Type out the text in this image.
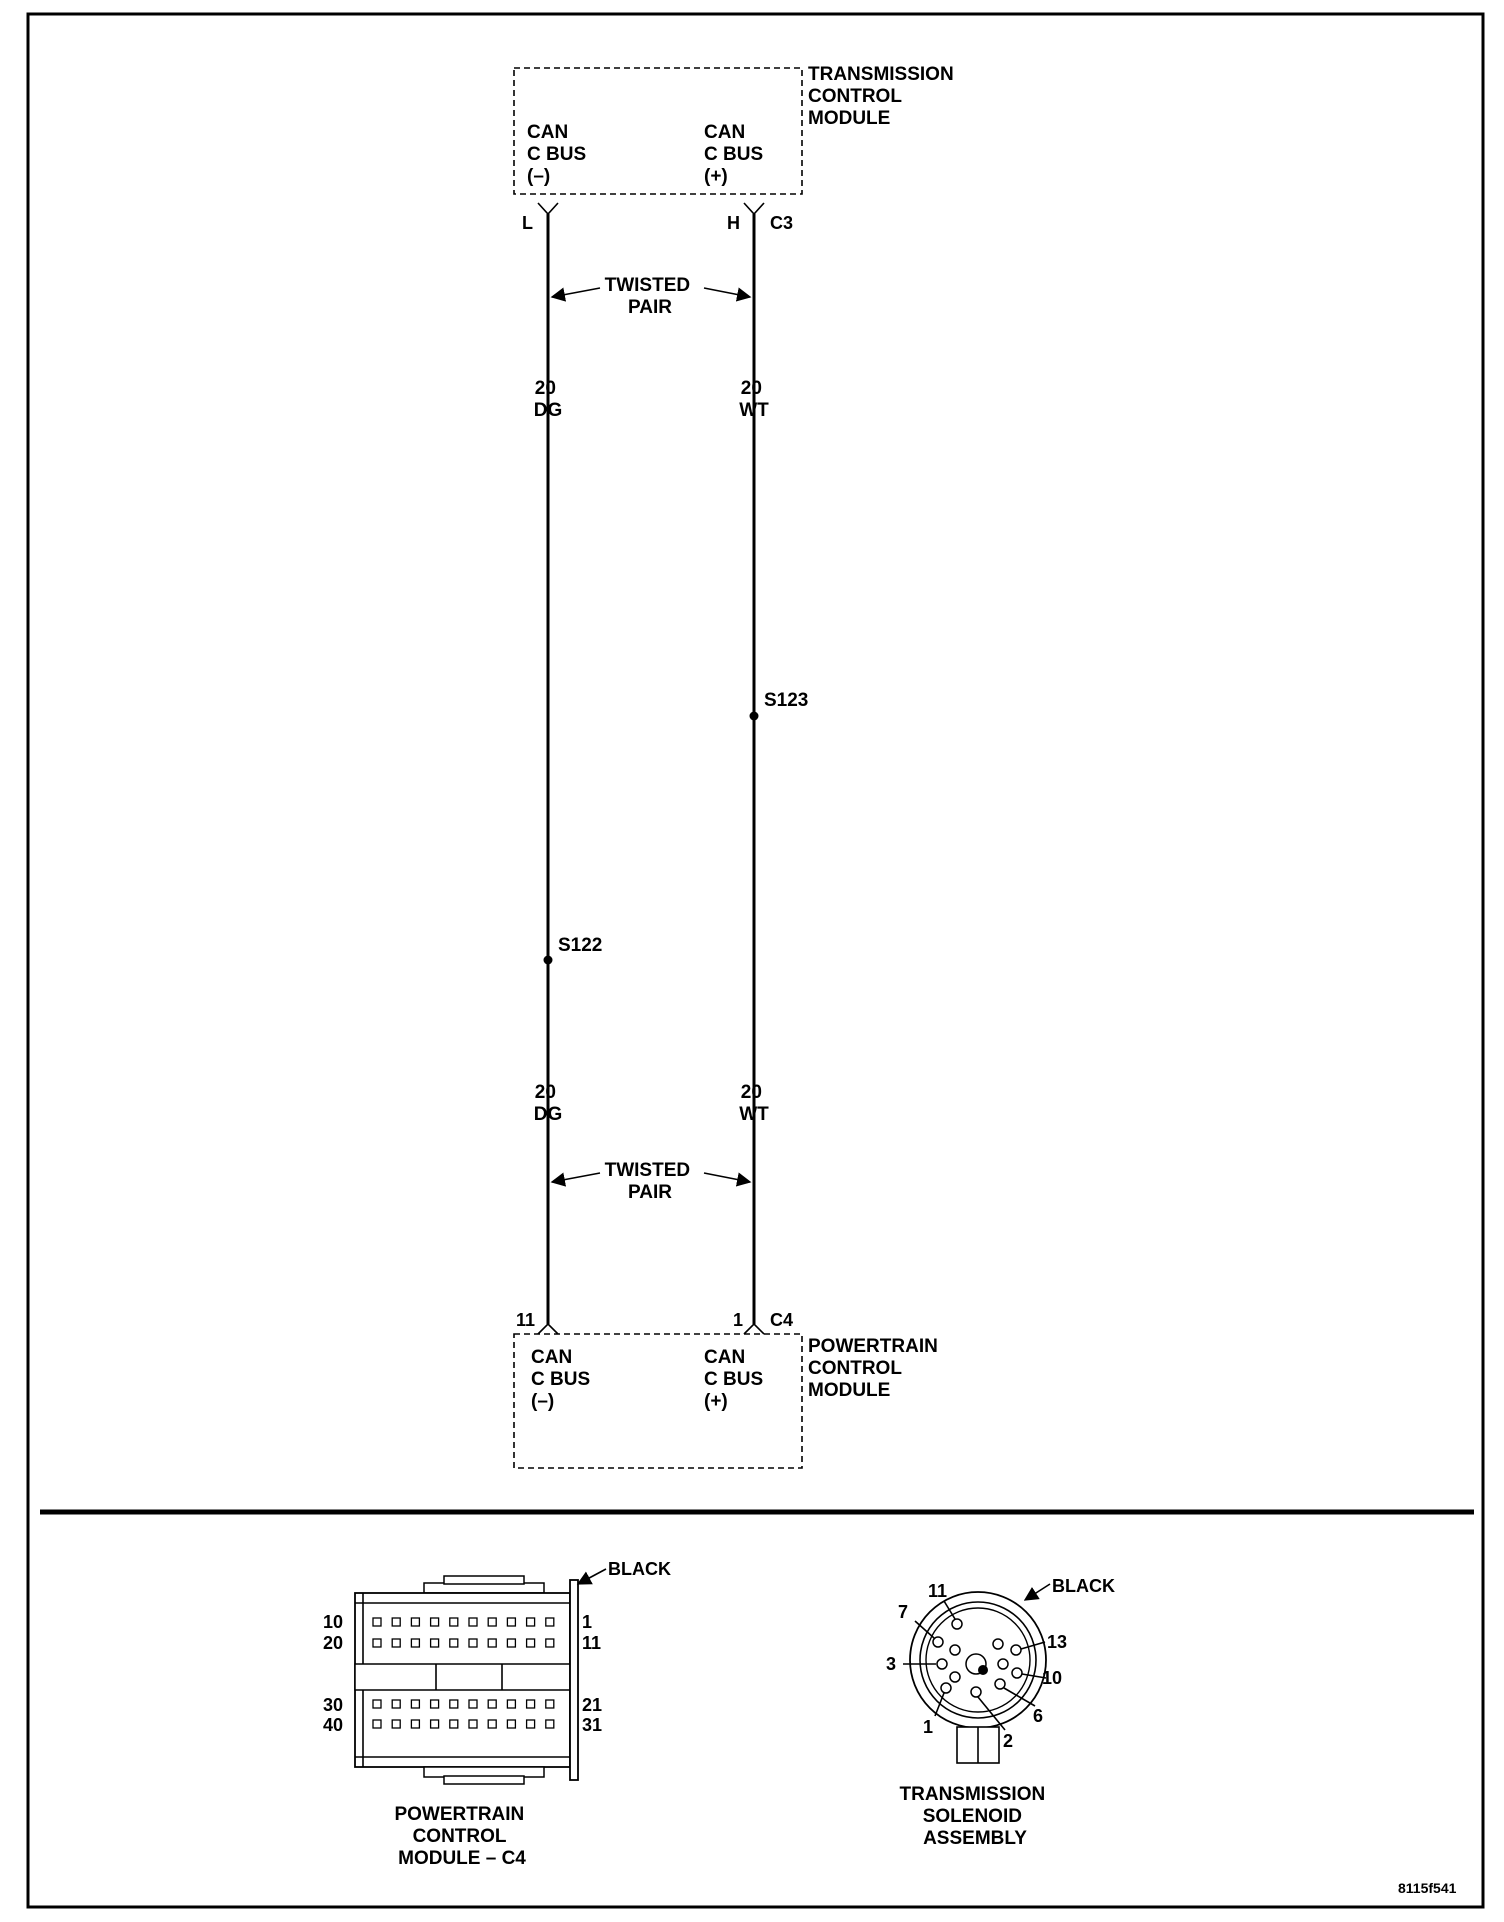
TRANSMISSION CONTROL MODULE
CAN C BUS (–)
CAN C BUS (+)
L	H C3
TWISTED PAIR
20 DG
20 WT
S123
S122
20 DG
20 WT
TWISTED PAIR
11	1 C4
POWERTRAIN CONTROL MODULE
CAN C BUS (–)
CAN C BUS (+)
10
20
30
40
1
11
21
31
BLACK
POWERTRAIN CONTROL MODULE – C4
11
7
3
1
2
6
10
13
BLACK
TRANSMISSION SOLENOID ASSEMBLY
8115f541
